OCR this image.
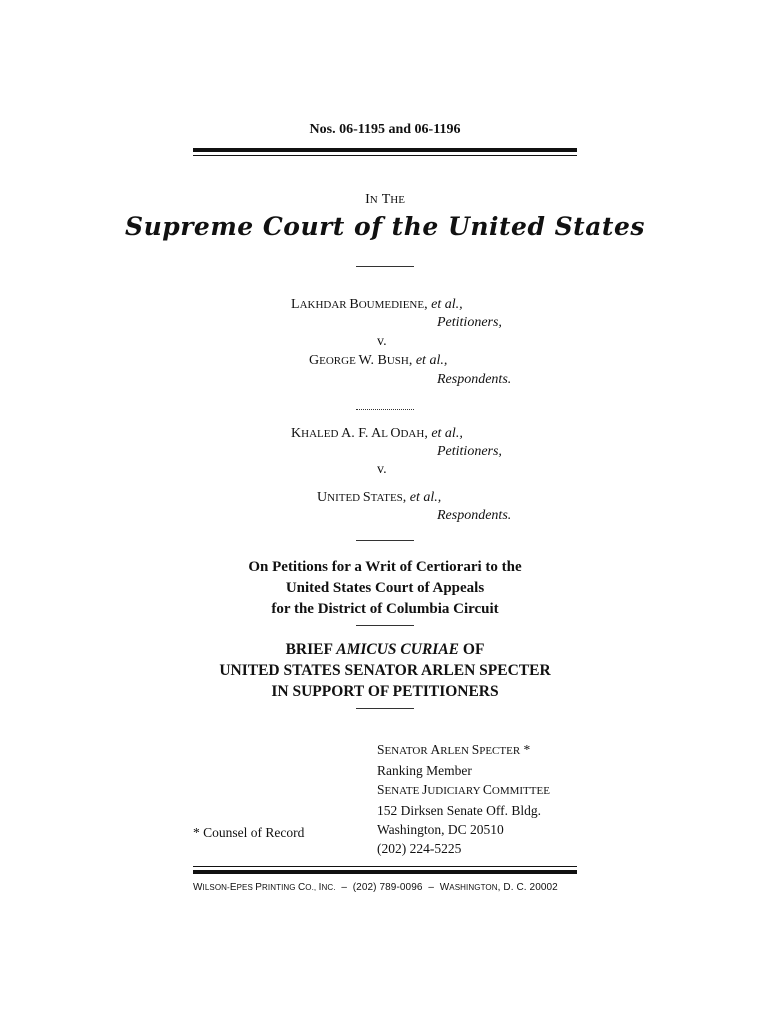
Nos. 06-1195 and 06-1196
IN THE
Supreme Court of the United States
LAKHDAR BOUMEDIENE, et al.,
Petitioners,
v.
GEORGE W. BUSH, et al.,
Respondents.
KHALED A. F. AL ODAH, et al.,
Petitioners,
v.
UNITED STATES, et al.,
Respondents.
On Petitions for a Writ of Certiorari to the
United States Court of Appeals
for the District of Columbia Circuit
BRIEF AMICUS CURIAE OF
UNITED STATES SENATOR ARLEN SPECTER
IN SUPPORT OF PETITIONERS
SENATOR ARLEN SPECTER *
Ranking Member
SENATE JUDICIARY COMMITTEE
152 Dirksen Senate Off. Bldg.
Washington, DC 20510
(202) 224-5225
* Counsel of Record
WILSON-EPES PRINTING CO., INC. – (202) 789-0096 – WASHINGTON, D. C. 20002
